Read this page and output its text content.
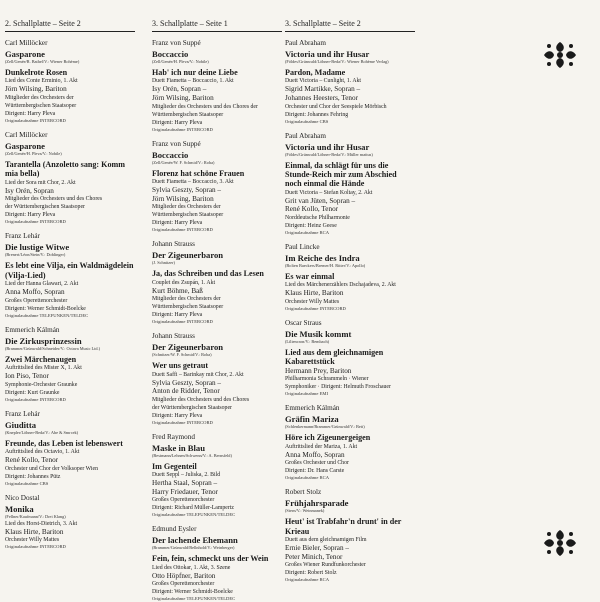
2. Schallplatte – Seite 2
Carl Millöcker
Gasparone
(Zell/Genée/R. Bathel/V.: Wiener Bohème)
Dunkelrote Rosen
Lied des Conte Erminio, 1. Akt
Jörn Wilsing, Bariton
Mitglieder des Orchesters der
Württembergischen Staatsoper
Dirigent: Harry Pleva
Originalaufnahme INTERCORD
Carl Millöcker
Gasparone
(Zell/Genée/H. Pleva/V.: Nobile)
Tarantella (Anzoletto sang: Komm mia bella)
Lied der Sora mit Chor, 2. Akt
Isy Orén, Sopran
Mitglieder des Orchesters und des Chores
der Württembergischen Staatsoper
Dirigent: Harry Pleva
Originalaufnahme INTERCORD
Franz Lehár
Die lustige Witwe
(Brenert/Léon/Stein/V.: Doblinger)
Es lebt eine Vilja, ein Waldmägdelein (Vilja-Lied)
Lied der Hanna Glawari, 2. Akt
Anna Moffo, Sopran
Großes Operettenorchester
Dirigent: Werner Schmidt-Boelcke
Originalaufnahme TELEFUNKEN/TELDEC
Emmerich Kálmán
Die Zirkusprinzessin
(Brammer/Grünwald/Schneider/V.: Octava Music Ltd.)
Zwei Märchenaugen
Auftrittslied des Mister X, 1. Akt
Ion Piso, Tenor
Symphonie-Orchester Graunke
Dirigent: Kurt Graunke
Originalaufnahme INTERCORD
Franz Lehár
Giuditta
(Knepler/Löhner-Beda/V.: Abe & Smrcek)
Freunde, das Leben ist lebenswert
Auftrittslied des Octavio, 1. Akt
René Kollo, Tenor
Orchester und Chor der Volksoper Wien
Dirigent: Johannes Pütz
Originalaufnahme CBS
Nico Dostal
Monika
(Fellner/Kaufmann/V.: Drei Klang)
Lied des Horst-Dietrich, 3. Akt
Klaus Hirte, Bariton
Orchester Willy Mattes
Originalaufnahme INTERCORD
3. Schallplatte – Seite 1
Franz von Suppé
Boccaccio
(Zell/Genée/H. Pleva/V.: Nobile)
Hab' ich nur deine Liebe
Duett Fiametta – Boccaccio, 1. Akt
Isy Orén, Sopran –
Jörn Wilsing, Bariton
Mitglieder des Orchesters und des Chores der
Württembergischen Staatsoper
Dirigent: Harry Pleva
Originalaufnahme INTERCORD
Franz von Suppé
Boccaccio
(Zell/Genée/W. F. Schmid/V.: Roba)
Florenz hat schöne Frauen
Duett Fiametta – Boccaccio, 3. Akt
Sylvia Geszty, Sopran –
Jörn Wilsing, Bariton
Mitglieder des Orchesters der
Württembergischen Staatsoper
Dirigent: Harry Pleva
Originalaufnahme INTERCORD
Johann Strauss
Der Zigeunerbaron
(J. Schnitzer)
Ja, das Schreiben und das Lesen
Couplet des Zsupán, 1. Akt
Kurt Böhme, Baß
Mitglieder des Orchesters der
Württembergischen Staatsoper
Dirigent: Harry Pleva
Originalaufnahme INTERCORD
Johann Strauss
Der Zigeunerbaron
(Schnitzer/W. F. Schmid/V.: Roba)
Wer uns getraut
Duett Saffi – Barinkay mit Chor, 2. Akt
Sylvia Geszty, Sopran –
Anton de Ridder, Tenor
Mitglieder des Orchesters und des Chores
der Württembergischen Staatsoper
Dirigent: Harry Pleva
Originalaufnahme INTERCORD
Fred Raymond
Maske in Blau
(Bestmann/Lehnen/Schwenn/V.: A. Bernsfeld)
Im Gegenteil
Duett Seppl – Juliska, 2. Bild
Hertha Staal, Sopran –
Harry Friedauer, Tenor
Großes Operettenorchester
Dirigent: Richard Müller-Lampertz
Originalaufnahme TELEFUNKEN/TELDEC
Edmund Eysler
Der lachende Ehemann
(Brammer/Grünwald/Bellnhold/V.: Weinberger)
Fein, fein, schmeckt uns der Wein
Lied des Ottokar, 1. Akt, 3. Szene
Otto Höpfner, Bariton
Großes Operettenorchester
Dirigent: Werner Schmidt-Boelcke
Originalaufnahme TELEFUNKEN/TELDEC
3. Schallplatte – Seite 2
Paul Abraham
Victoria und ihr Husar
(Földes/Grünwald/Löhner-Beda/V.: Wiener Bohème Verlag)
Pardon, Madame
Duett Victoria – Cunlight, 1. Akt
Sigrid Martikke, Sopran –
Johannes Heesters, Tenor
Orchester und Chor der Seespiele Mörbisch
Dirigent: Johannes Fehring
Originalaufnahme CBS
Paul Abraham
Victoria und ihr Husar
(Földes/Grünwald/Löhner-Beda/V.: Müller mattus)
Einmal, da schlägt für uns die Stunde-Reich mir zum Abschied noch einmal die Hände
Duett Victoria – Stefan Koltay, 2. Akt
Grit van Jüten, Sopran –
René Kollo, Tenor
Norddeutsche Philharmonie
Dirigent: Heinz Geese
Originalaufnahme RCA
Paul Lincke
Im Reiche des Indra
(Bolten Baeckers/Bremer/H. Ritter/V.: Apollo)
Es war einmal
Lied des Märchenerzählers Dschajadeva, 2. Akt
Klaus Hirte, Bariton
Orchester Willy Mattes
Originalaufnahme INTERCORD
Oscar Straus
Die Musik kommt
(Liliencron/V.: Bembach)
Lied aus dem gleichnamigen Kabarettstück
Hermann Prey, Bariton
Philharmonia Schrammeln · Wiener
Symphoniker · Dirigent: Helmuth Froschauer
Originalaufnahme EMI
Emmerich Kálmán
Gräfin Mariza
(Schlenkermann/Brammer/Grünwald/V.: Bett)
Höre ich Zigeunergeigen
Auftrittslied der Mariza, 1. Akt
Anna Moffo, Sopran
Großes Orchester und Chor
Dirigent: Dr. Hans Carste
Originalaufnahme RCA
Robert Stolz
Frühjahrsparade
(Stern/V.: Weinmanek)
Heut' ist Trabfahr'n drunt' in der Krieau
Duett aus dem gleichnamigen Film
Ernie Bieler, Sopran –
Peter Minich, Tenor
Großes Wiener Rundfunkorchester
Dirigent: Robert Stolz
Originalaufnahme RCA
